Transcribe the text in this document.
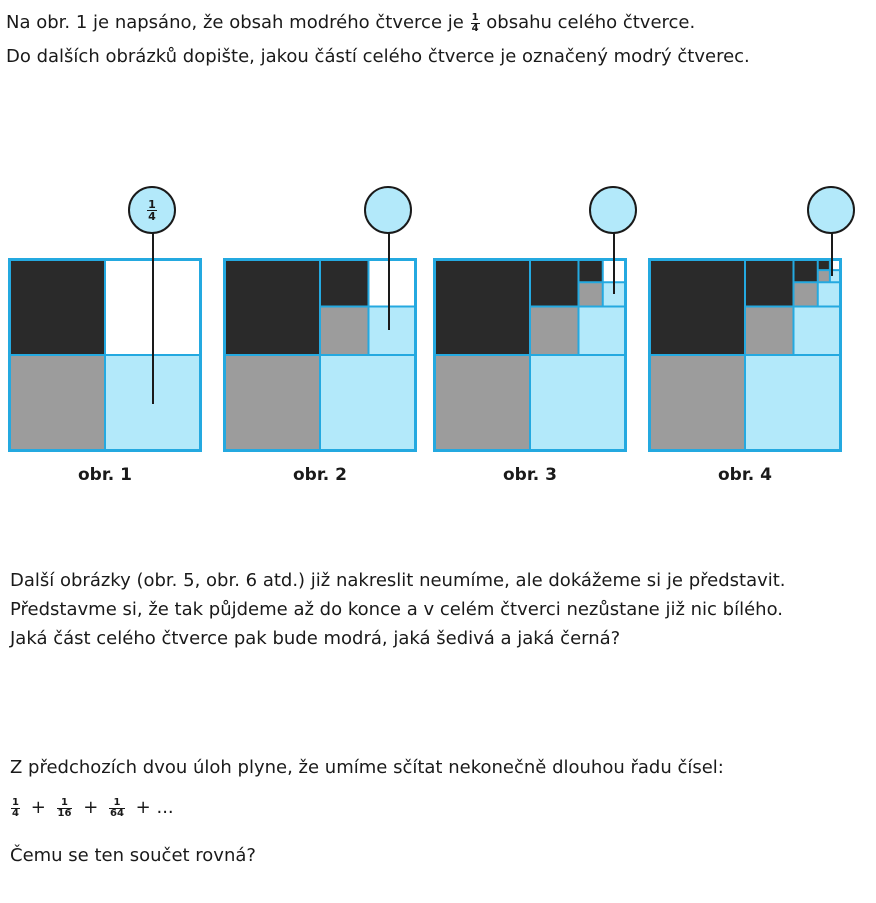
Na obr. 1 je napsáno, že obsah modrého čtverce je $\frac{1}{4}$ obsahu celého čtverce.
Do dalších obrázků dopište, jakou částí celého čtverce je označený modrý čtverec.
$\frac{1}{4}$
obr. 1	obr. 2	obr. 3	obr. 4
Další obrázky (obr. 5, obr. 6 atd.) již nakreslit neumíme, ale dokážeme si je představit.
Představme si, že tak půjdeme až do konce a v celém čtverci nezůstane již nic bílého.
Jaká část celého čtverce pak bude modrá, jaká šedivá a jaká černá?
Z předchozích dvou úloh plyne, že umíme sčítat nekonečně dlouhou řadu čísel:
$\frac{1}{4} + \frac{1}{16} + \frac{1}{64}$ + ...
Čemu se ten součet rovná?
